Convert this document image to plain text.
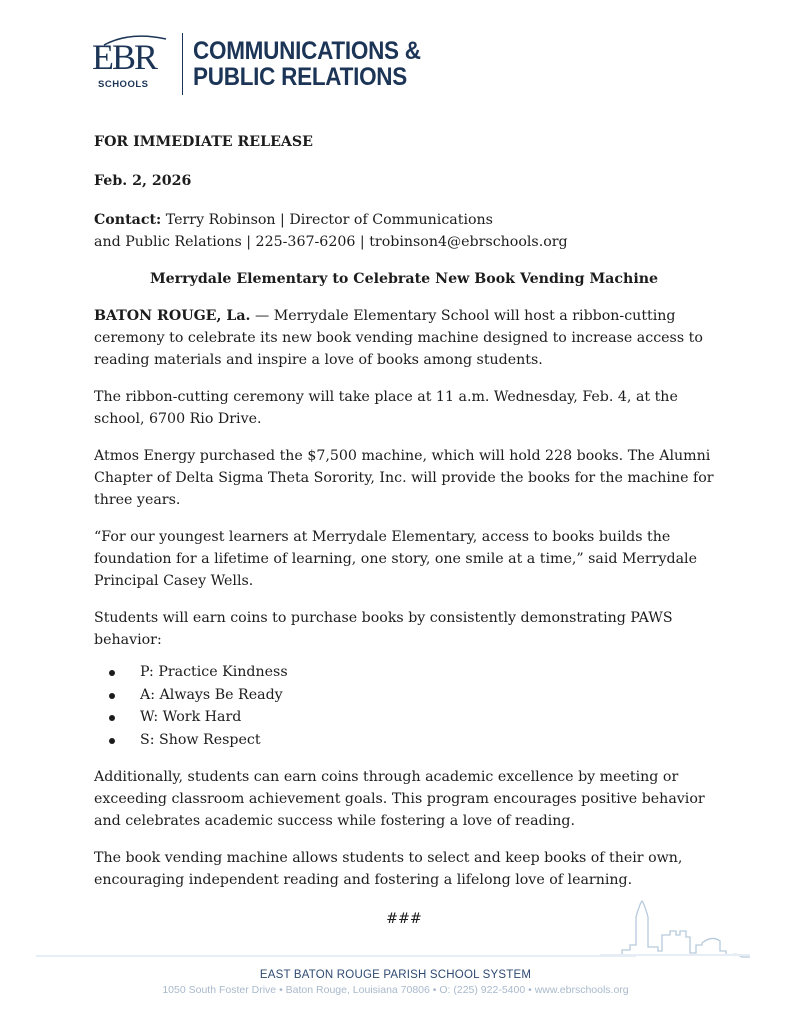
EBR
SCHOOLS
COMMUNICATIONS &
PUBLIC RELATIONS

FOR IMMEDIATE RELEASE

Feb. 2, 2026

Contact: Terry Robinson | Director of Communications
and Public Relations | 225-367-6206 | trobinson4@ebrschools.org

Merrydale Elementary to Celebrate New Book Vending Machine

BATON ROUGE, La. — Merrydale Elementary School will host a ribbon-cutting ceremony to celebrate its new book vending machine designed to increase access to reading materials and inspire a love of books among students.

The ribbon-cutting ceremony will take place at 11 a.m. Wednesday, Feb. 4, at the school, 6700 Rio Drive.

Atmos Energy purchased the $7,500 machine, which will hold 228 books. The Alumni Chapter of Delta Sigma Theta Sorority, Inc. will provide the books for the machine for three years.

“For our youngest learners at Merrydale Elementary, access to books builds the foundation for a lifetime of learning, one story, one smile at a time,” said Merrydale Principal Casey Wells.

Students will earn coins to purchase books by consistently demonstrating PAWS behavior:

P: Practice Kindness
A: Always Be Ready
W: Work Hard
S: Show Respect

Additionally, students can earn coins through academic excellence by meeting or exceeding classroom achievement goals. This program encourages positive behavior and celebrates academic success while fostering a love of reading.

The book vending machine allows students to select and keep books of their own, encouraging independent reading and fostering a lifelong love of learning.

###

EAST BATON ROUGE PARISH SCHOOL SYSTEM
1050 South Foster Drive • Baton Rouge, Louisiana 70806 • O: (225) 922-5400 • www.ebrschools.org
